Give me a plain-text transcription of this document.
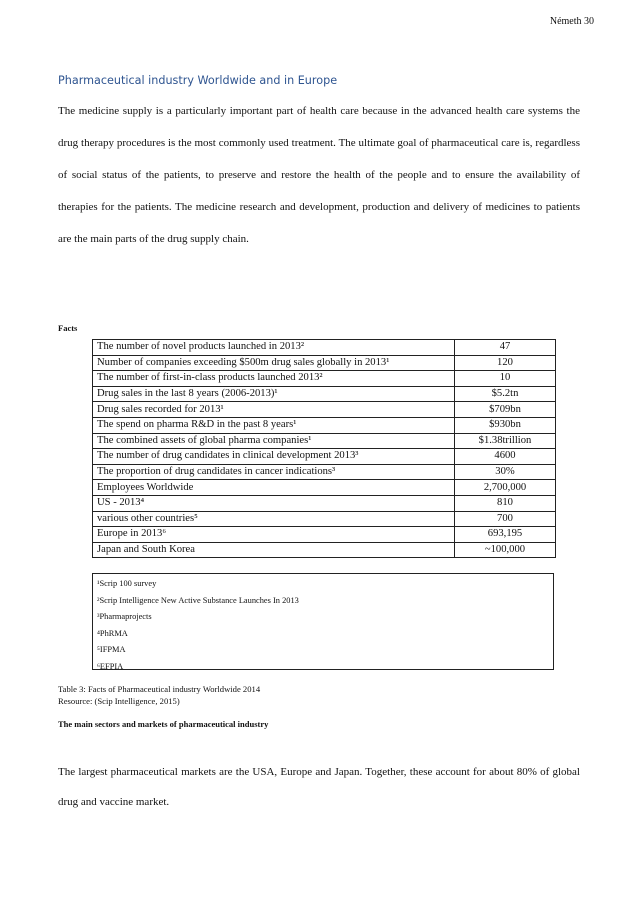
Németh 30
Pharmaceutical industry Worldwide and in Europe

The medicine supply is a particularly important part of health care because in the advanced health care systems the drug therapy procedures is the most commonly used treatment. The ultimate goal of pharmaceutical care is, regardless of social status of the patients, to preserve and restore the health of the people and to ensure the availability of therapies for the patients. The medicine research and development, production and delivery of medicines to patients are the main parts of the drug supply chain.

Facts

The number of novel products launched in 2013²	47
Number of companies exceeding $500m drug sales globally in 2013¹	120
The number of first-in-class products launched 2013²	10
Drug sales in the last 8 years (2006-2013)¹	$5.2tn
Drug sales recorded for 2013¹	$709bn
The spend on pharma R&D in the past 8 years¹	$930bn
The combined assets of global pharma companies¹	$1.38trillion
The number of drug candidates in clinical development 2013³	4600
The proportion of drug candidates in cancer indications³	30%
Employees Worldwide	2,700,000
US - 2013⁴	810
various other countries⁵	700
Europe in 2013⁶	693,195
Japan and South Korea	~100,000
¹Scrip 100 survey
²Scrip Intelligence New Active Substance Launches In 2013
³Pharmaprojects
⁴PhRMA
⁵IFPMA
⁶EFPIA
Table 3: Facts of Pharmaceutical industry Worldwide 2014
Resource: (Scip Intelligence, 2015)

The main sectors and markets of pharmaceutical industry

The largest pharmaceutical markets are the USA, Europe and Japan. Together, these account for about 80% of global drug and vaccine market.
